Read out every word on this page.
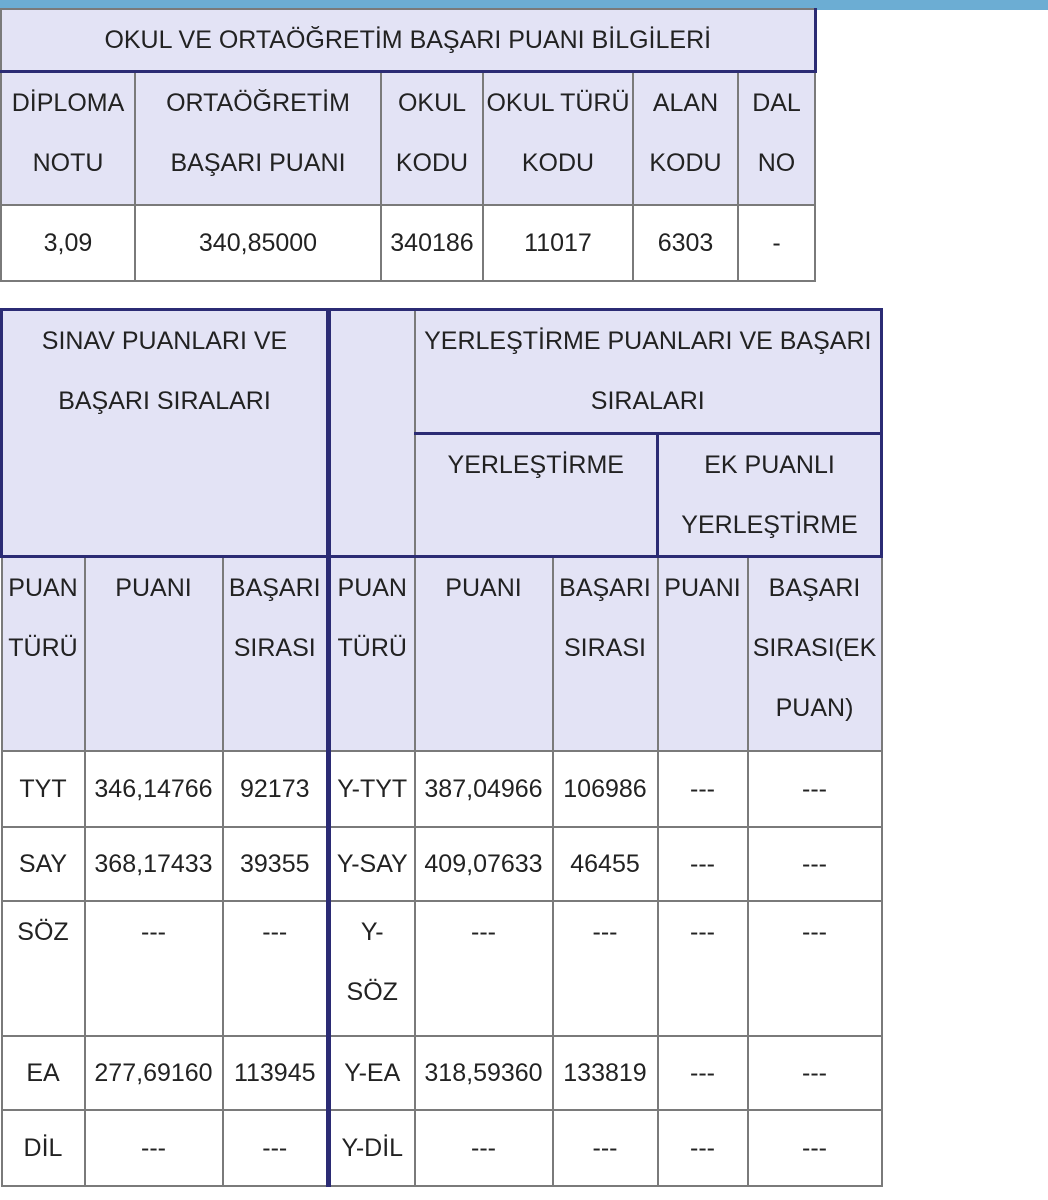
OKUL VE ORTAÖĞRETİM BAŞARI PUANI BİLGİLERİ					
DİPLOMA NOTU	ORTAÖĞRETİM BAŞARI PUANI	OKUL KODU	OKUL TÜRÜ KODU	ALAN KODU	DAL NO
3,09	340,85000	340186	11017	6303	-
SINAV PUANLARI VE BAŞARI SIRALARI				YERLEŞTİRME PUANLARI VE BAŞARI SIRALARI			
				YERLEŞTİRME		EK PUANLI YERLEŞTİRME	
PUAN TÜRÜ	PUANI	BAŞARI SIRASI	PUAN TÜRÜ	PUANI	BAŞARI SIRASI	PUANI	BAŞARI SIRASI(EK PUAN)
TYT	346,14766	92173	Y-TYT	387,04966	106986	---	---
SAY	368,17433	39355	Y-SAY	409,07633	46455	---	---
SÖZ	---	---	Y-SÖZ	---	---	---	---
EA	277,69160	113945	Y-EA	318,59360	133819	---	---
DİL	---	---	Y-DİL	---	---	---	---
